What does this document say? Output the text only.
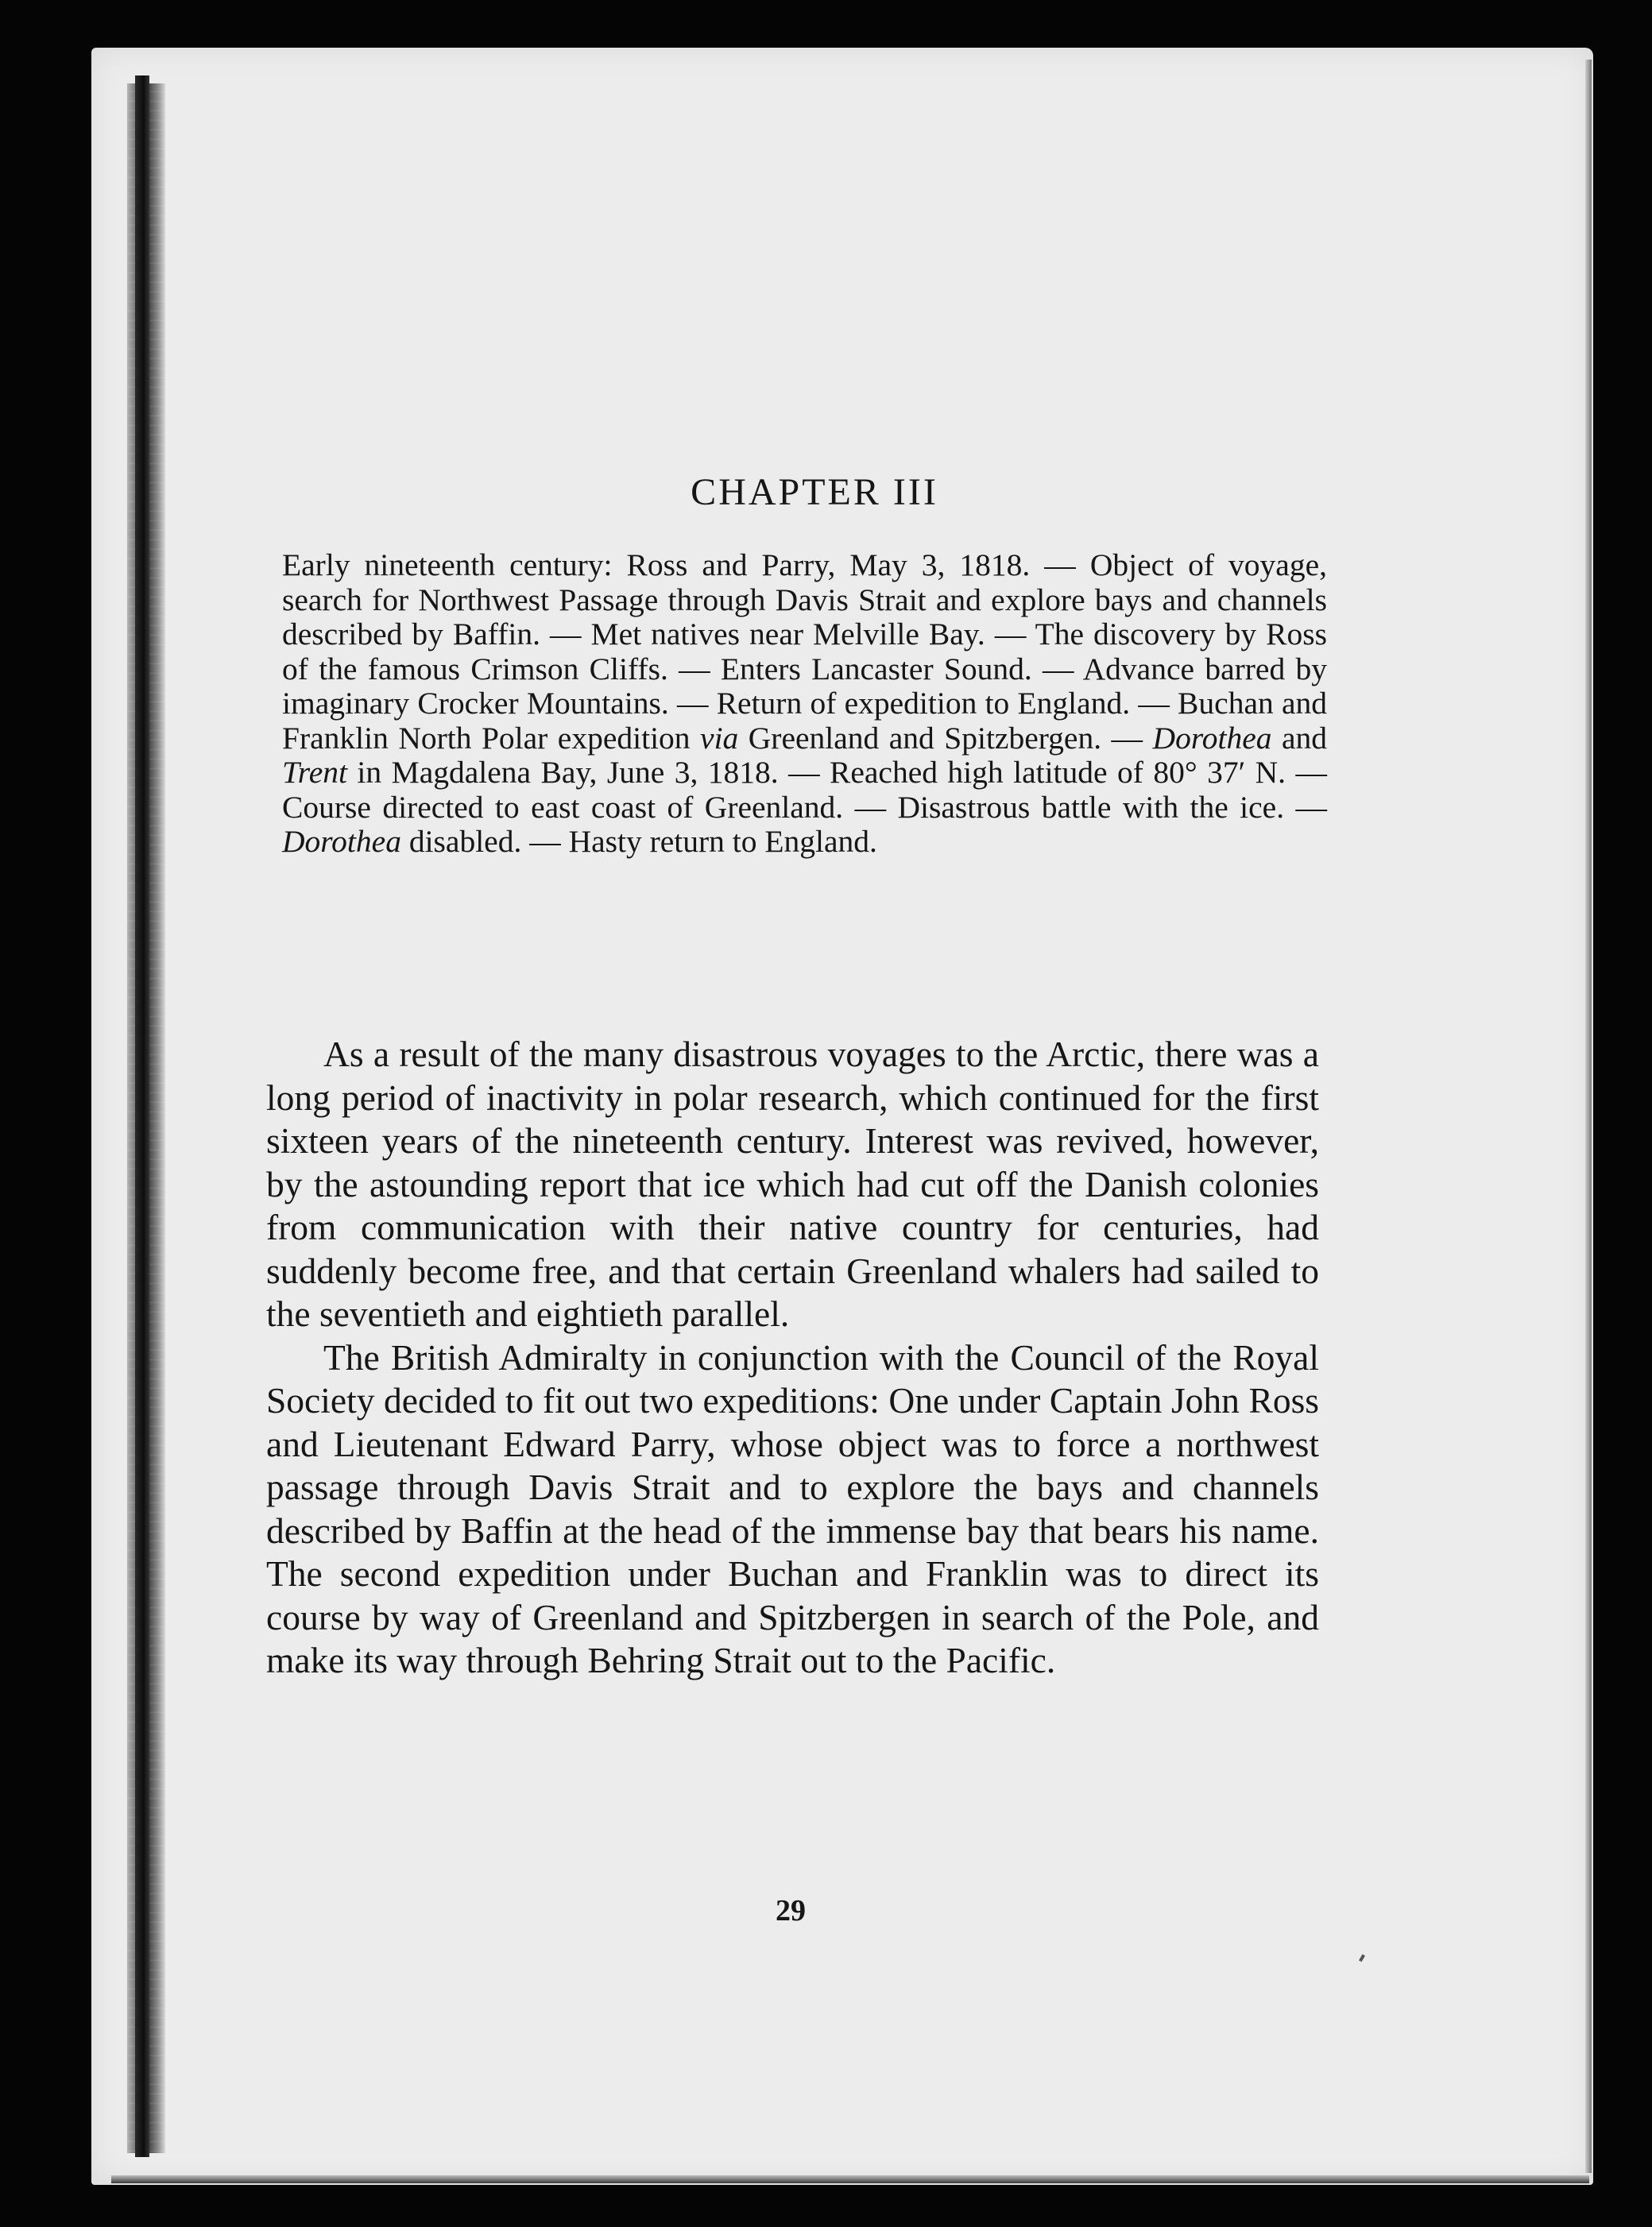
CHAPTER III
Early nineteenth century: Ross and Parry, May 3, 1818. — Object of voyage, search for Northwest Passage through Davis Strait and explore bays and channels described by Baffin. — Met natives near Melville Bay. — The discovery by Ross of the famous Crimson Cliffs. — Enters Lancaster Sound. — Advance barred by imaginary Crocker Mountains. — Return of expedition to England. — Buchan and Franklin North Polar expedition via Greenland and Spitzbergen. — Dorothea and Trent in Magdalena Bay, June 3, 1818. — Reached high latitude of 80° 37′ N. — Course directed to east coast of Greenland. — Disastrous battle with the ice. — Dorothea disabled. — Hasty return to England.

As a result of the many disastrous voyages to the Arctic, there was a long period of inactivity in polar research, which continued for the first sixteen years of the nineteenth century. Interest was revived, however, by the astounding report that ice which had cut off the Danish colonies from communication with their native country for centuries, had suddenly become free, and that certain Greenland whalers had sailed to the seventieth and eightieth parallel.

The British Admiralty in conjunction with the Council of the Royal Society decided to fit out two expeditions: One under Captain John Ross and Lieutenant Edward Parry, whose object was to force a northwest passage through Davis Strait and to explore the bays and channels described by Baffin at the head of the immense bay that bears his name. The second expedition under Buchan and Franklin was to direct its course by way of Greenland and Spitzbergen in search of the Pole, and make its way through Behring Strait out to the Pacific.

29
